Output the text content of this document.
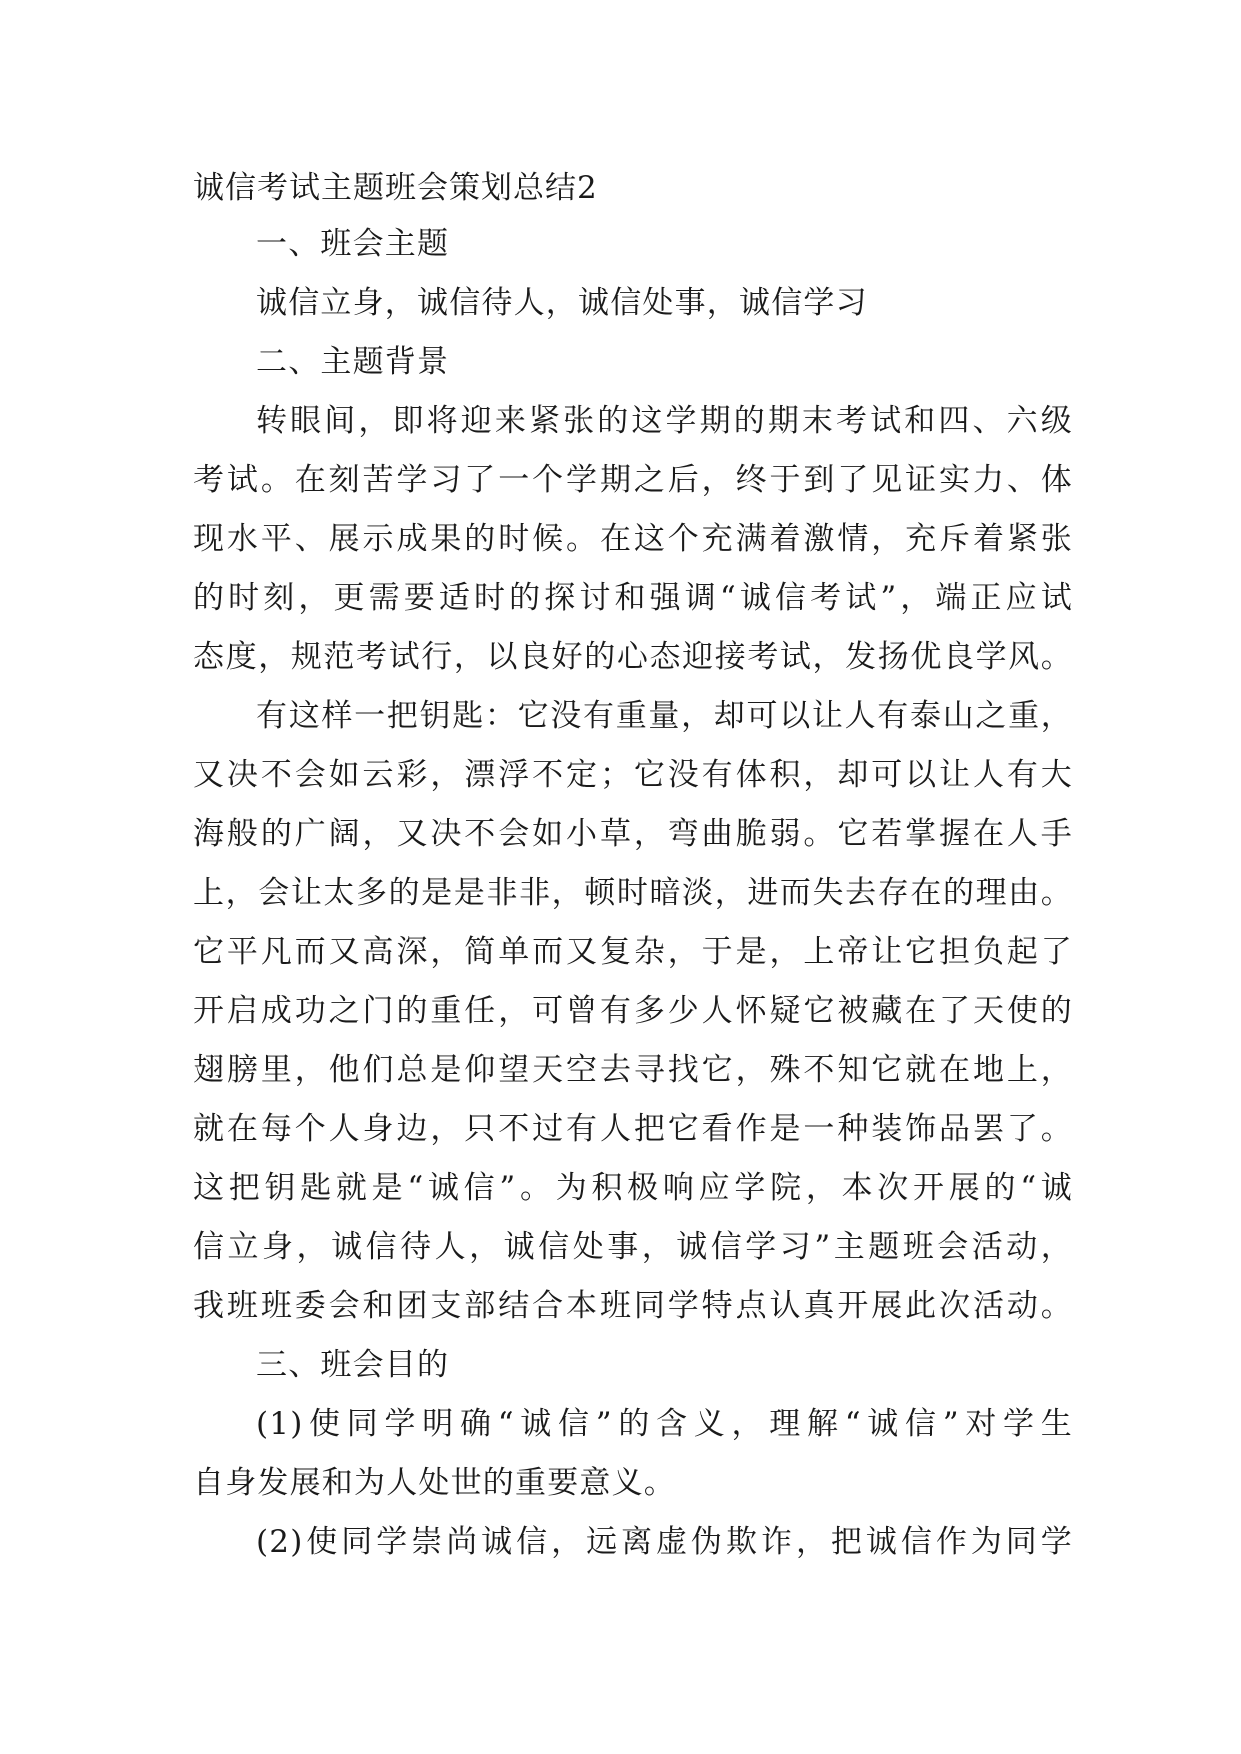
诚信考试主题班会策划总结2
一、班会主题
诚信立身，诚信待人，诚信处事，诚信学习
二、主题背景
转眼间，即将迎来紧张的这学期的期末考试和四、六级
考试。在刻苦学习了一个学期之后，终于到了见证实力、体
现水平、展示成果的时候。在这个充满着激情，充斥着紧张
的时刻，更需要适时的探讨和强调“诚信考试”，端正应试
态度，规范考试行，以良好的心态迎接考试，发扬优良学风。
有这样一把钥匙：它没有重量，却可以让人有泰山之重，
又决不会如云彩，漂浮不定；它没有体积，却可以让人有大
海般的广阔，又决不会如小草，弯曲脆弱。它若掌握在人手
上，会让太多的是是非非，顿时暗淡，进而失去存在的理由。
它平凡而又高深，简单而又复杂，于是，上帝让它担负起了
开启成功之门的重任，可曾有多少人怀疑它被藏在了天使的
翅膀里，他们总是仰望天空去寻找它，殊不知它就在地上，
就在每个人身边，只不过有人把它看作是一种装饰品罢了。
这把钥匙就是“诚信”。为积极响应学院，本次开展的“诚
信立身，诚信待人，诚信处事，诚信学习”主题班会活动，
我班班委会和团支部结合本班同学特点认真开展此次活动。
三、班会目的
(1)使同学明确“诚信”的含义，理解“诚信”对学生
自身发展和为人处世的重要意义。
(2)使同学崇尚诚信，远离虚伪欺诈，把诚信作为同学
